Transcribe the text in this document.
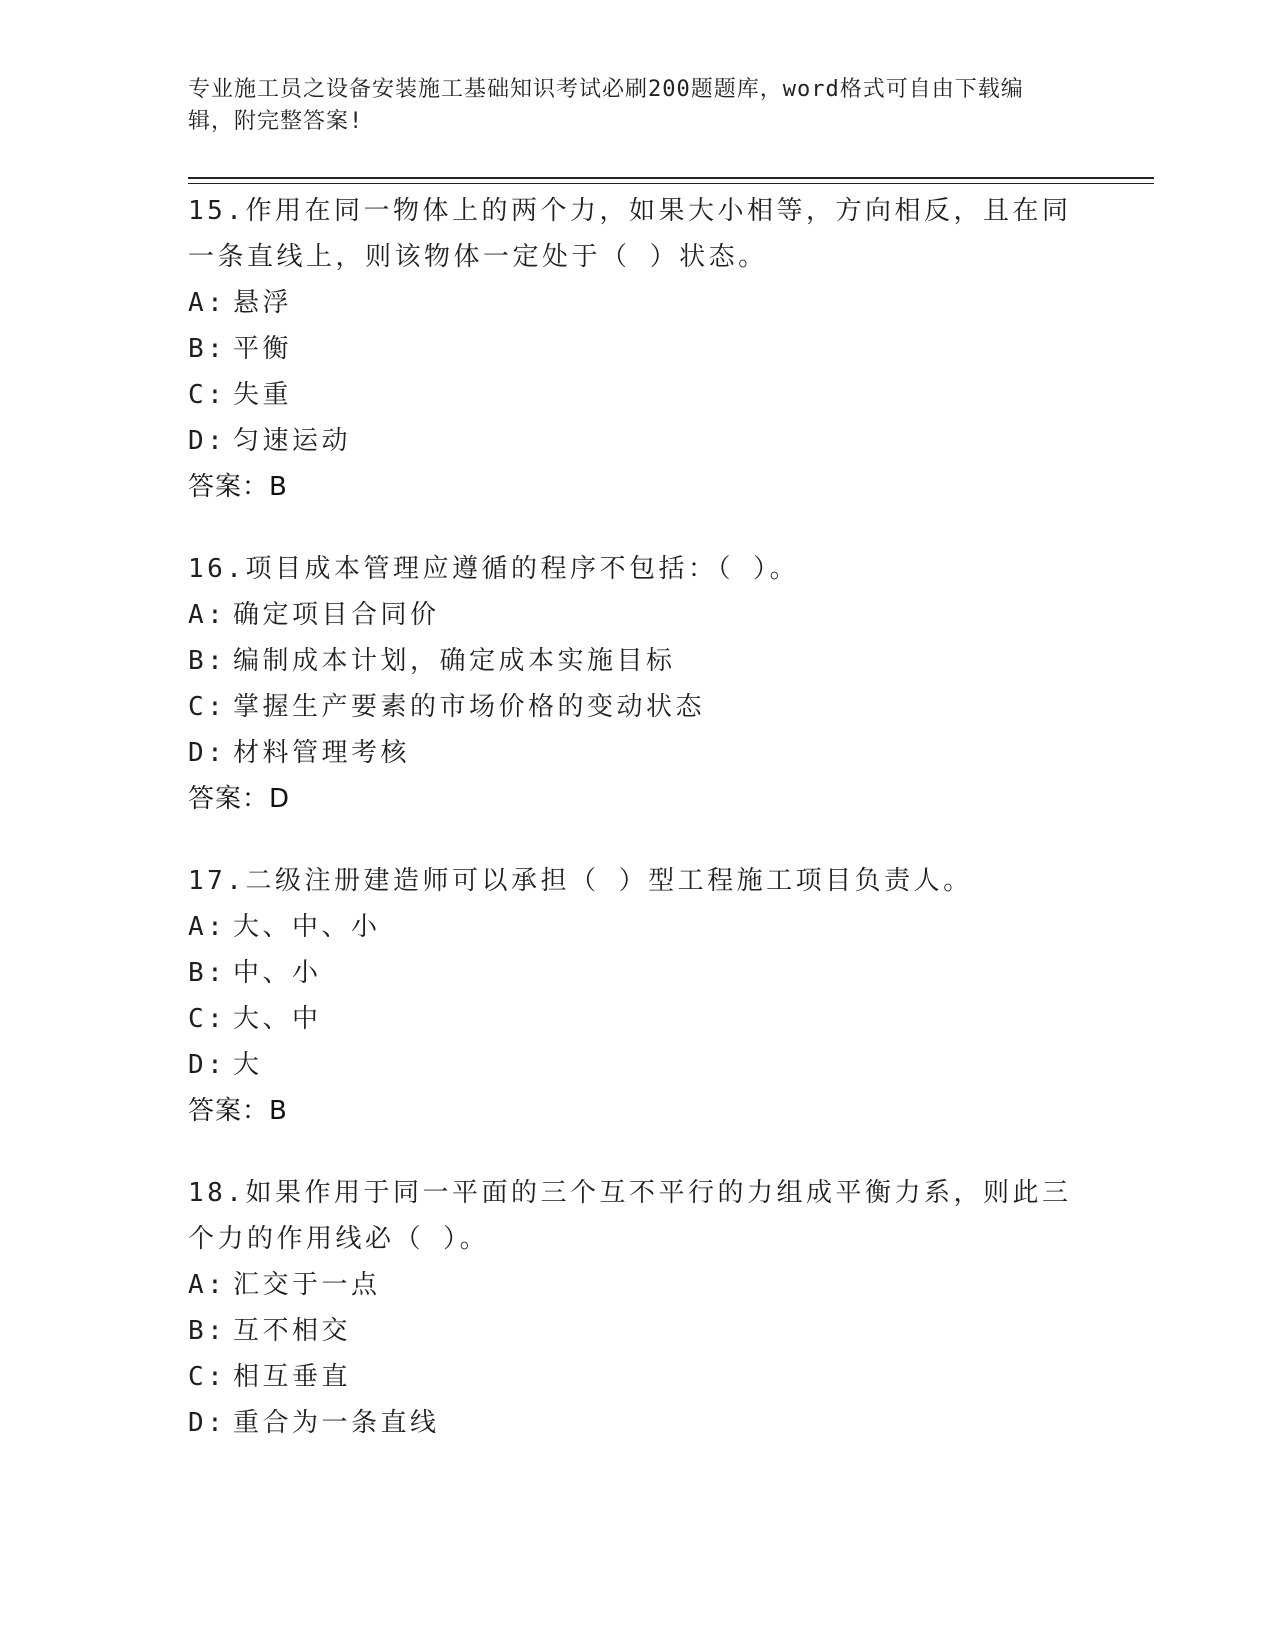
专业施工员之设备安装施工基础知识考试必刷200题题库，word格式可自由下载编辑，附完整答案!

15.作用在同一物体上的两个力，如果大小相等，方向相反，且在同一条直线上，则该物体一定处于（ ）状态。

A: 悬浮
B: 平衡
C: 失重
D: 匀速运动
答案：B

16.项目成本管理应遵循的程序不包括：（ ）。

A: 确定项目合同价
B: 编制成本计划，确定成本实施目标
C: 掌握生产要素的市场价格的变动状态
D: 材料管理考核
答案：D

17.二级注册建造师可以承担（ ）型工程施工项目负责人。

A: 大、中、小
B: 中、小
C: 大、中
D: 大
答案：B

18.如果作用于同一平面的三个互不平行的力组成平衡力系，则此三个力的作用线必（ ）。

A: 汇交于一点
B: 互不相交
C: 相互垂直
D: 重合为一条直线
